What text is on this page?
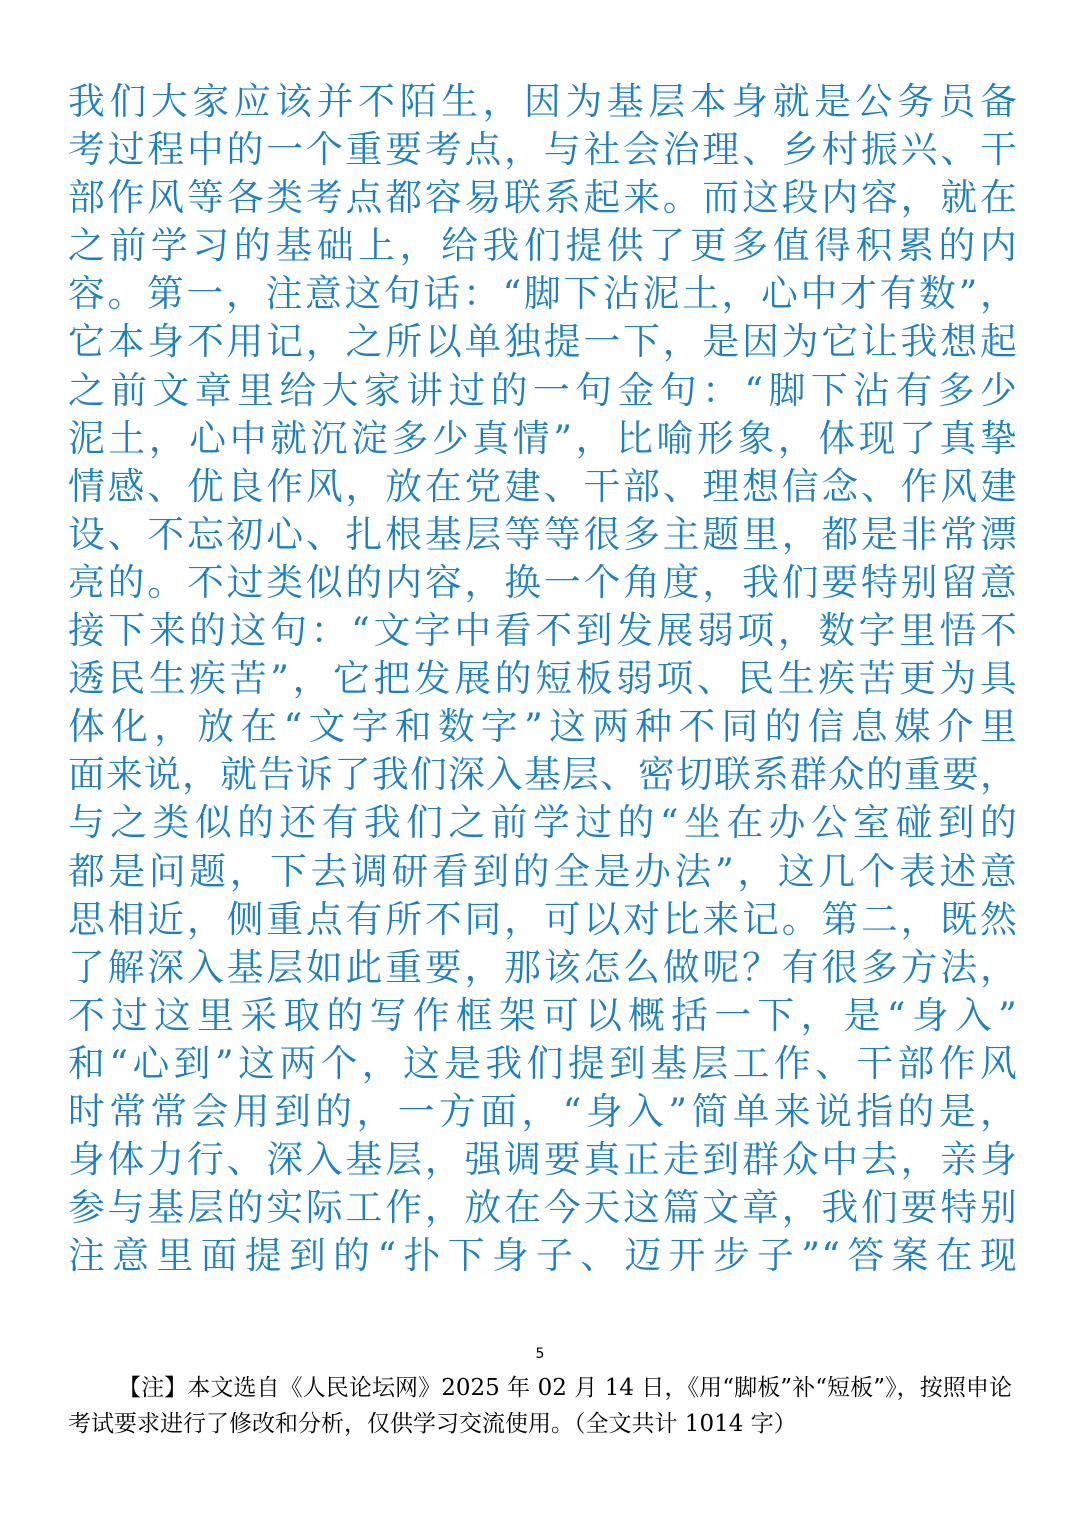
我们大家应该并不陌生，因为基层本身就是公务员备
考过程中的一个重要考点，与社会治理、乡村振兴、干
部作风等各类考点都容易联系起来。而这段内容，就在
之前学习的基础上，给我们提供了更多值得积累的内
容。第一，注意这句话：“脚下沾泥土，心中才有数”，
它本身不用记，之所以单独提一下，是因为它让我想起
之前文章里给大家讲过的一句金句：“脚下沾有多少
泥土，心中就沉淀多少真情”，比喻形象，体现了真挚
情感、优良作风，放在党建、干部、理想信念、作风建
设、不忘初心、扎根基层等等很多主题里，都是非常漂
亮的。不过类似的内容，换一个角度，我们要特别留意
接下来的这句：“文字中看不到发展弱项，数字里悟不
透民生疾苦”，它把发展的短板弱项、民生疾苦更为具
体化，放在“文字和数字”这两种不同的信息媒介里
面来说，就告诉了我们深入基层、密切联系群众的重要，
与之类似的还有我们之前学过的“坐在办公室碰到的
都是问题，下去调研看到的全是办法”，这几个表述意
思相近，侧重点有所不同，可以对比来记。第二，既然
了解深入基层如此重要，那该怎么做呢？有很多方法，
不过这里采取的写作框架可以概括一下，是“身入”
和“心到”这两个，这是我们提到基层工作、干部作风
时常常会用到的，一方面，“身入”简单来说指的是，
身体力行、深入基层，强调要真正走到群众中去，亲身
参与基层的实际工作，放在今天这篇文章，我们要特别
注意里面提到的“扑下身子、迈开步子”“答案在现
5
【注】本文选自《人民论坛网》2025 年 02 月 14 日，《用“脚板”补“短板”》，按照申论考试要求进行了修改和分析，仅供学习交流使用。（全文共计 1014 字）
